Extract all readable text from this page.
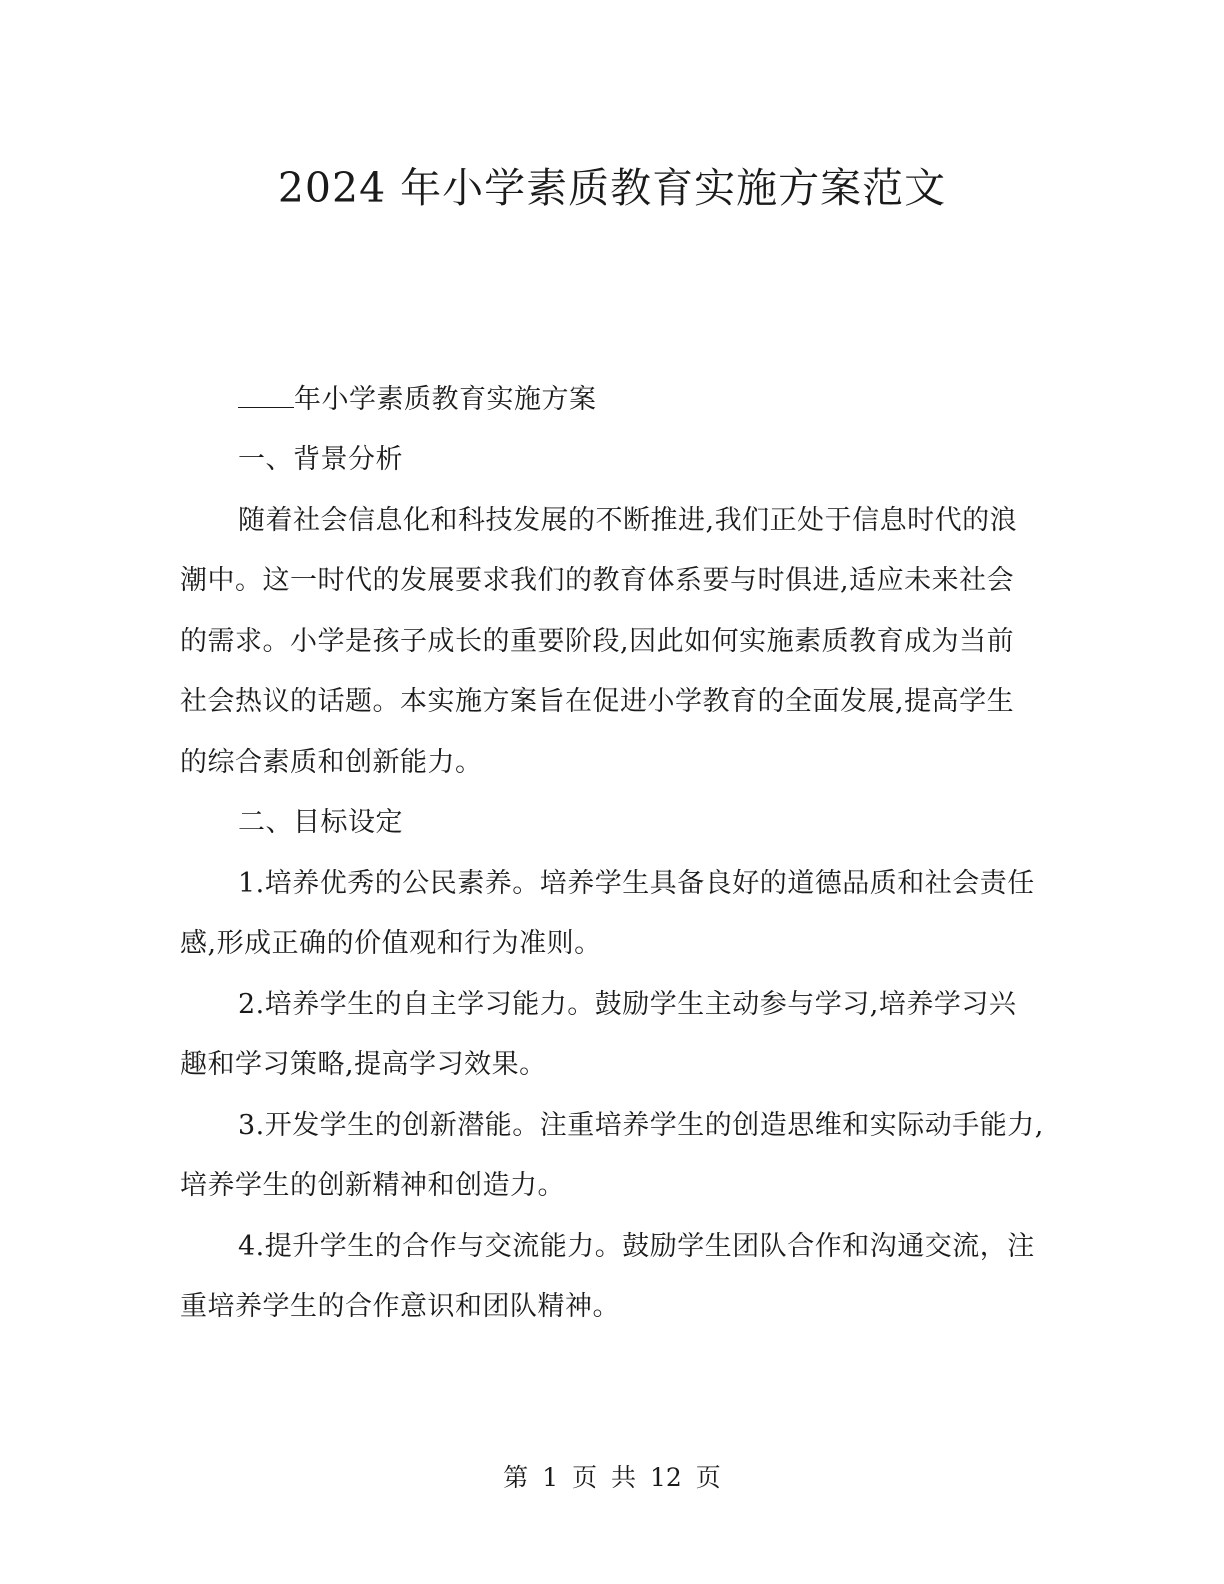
2024 年小学素质教育实施方案范文
年小学素质教育实施方案
一、背景分析
随着社会信息化和科技发展的不断推进,我们正处于信息时代的浪
潮中。这一时代的发展要求我们的教育体系要与时俱进,适应未来社会
的需求。小学是孩子成长的重要阶段,因此如何实施素质教育成为当前
社会热议的话题。本实施方案旨在促进小学教育的全面发展,提高学生
的综合素质和创新能力。
二、目标设定
1.培养优秀的公民素养。培养学生具备良好的道德品质和社会责任
感,形成正确的价值观和行为准则。
2.培养学生的自主学习能力。鼓励学生主动参与学习,培养学习兴
趣和学习策略,提高学习效果。
3.开发学生的创新潜能。注重培养学生的创造思维和实际动手能力,
培养学生的创新精神和创造力。
4.提升学生的合作与交流能力。鼓励学生团队合作和沟通交流，注
重培养学生的合作意识和团队精神。
第 1 页 共 12 页
